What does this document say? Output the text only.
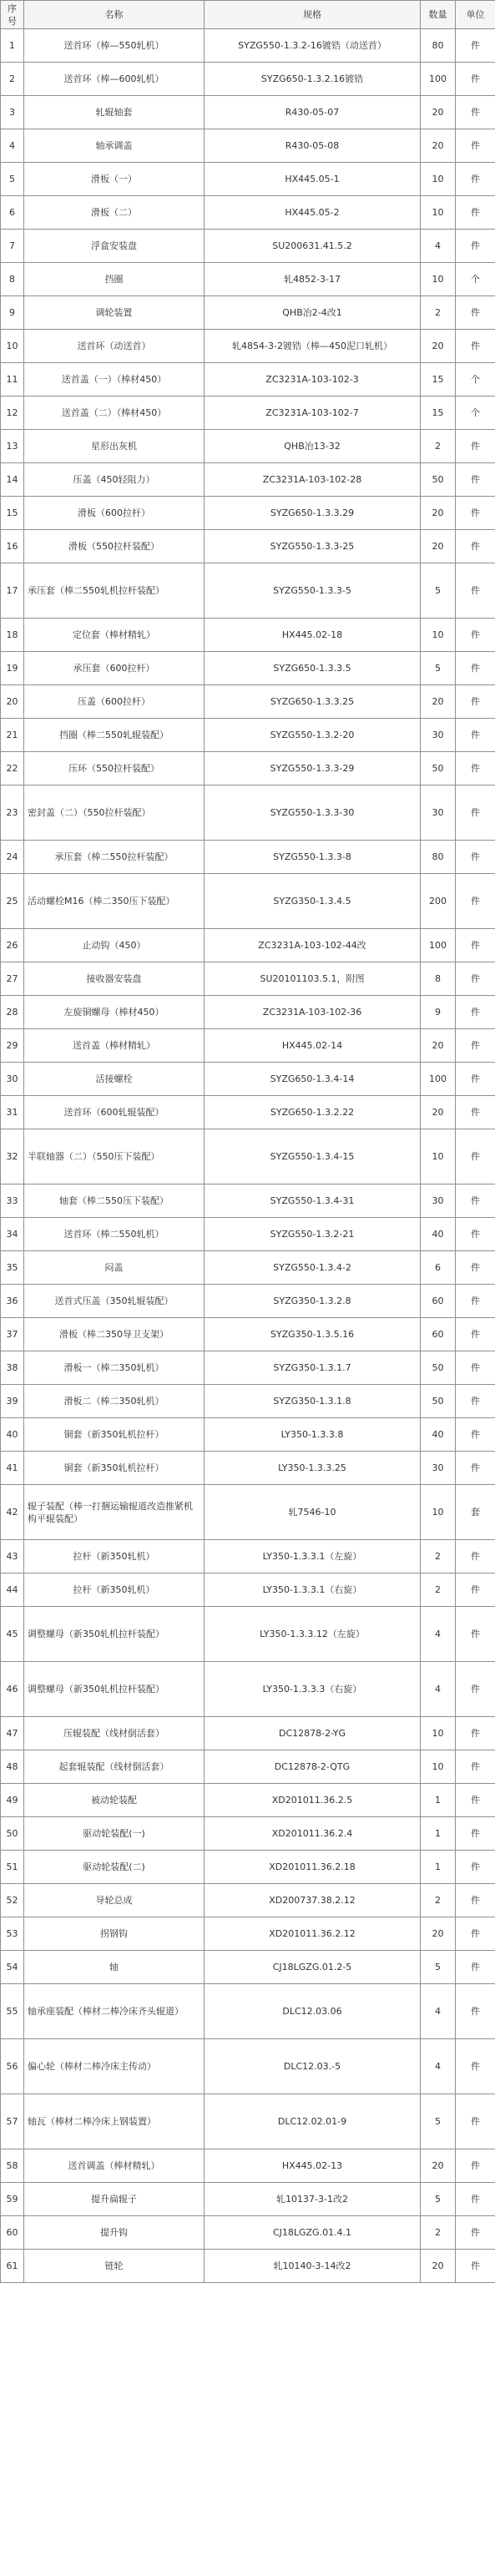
序号	名称	规格	数量	单位
1	送首环（棒—550轧机）	SYZG550-1.3.2-16镀锆（动送首）	80	件
2	送首环（棒—600轧机）	SYZG650-1.3.2.16镀锆	100	件
3	轧辊轴套	R430-05-07	20	件
4	轴承调盖	R430-05-08	20	件
5	滑板（一）	HX445.05-1	10	件
6	滑板（二）	HX445.05-2	10	件
7	浮盒安装盘	SU200631.41.5.2	4	件
8	挡圈	轧4852-3-17	10	个
9	调轮装置	QHB冶2-4改1	2	件
10	送首环（动送首）	轧4854-3-2镀锆（棒—450泥口轧机）	20	件
11	送首盖（一）（棒材450）	ZC3231A-103-102-3	15	个
12	送首盖（二）（棒材450）	ZC3231A-103-102-7	15	个
13	星形出灰机	QHB冶13-32	2	件
14	压盖（450轻阻力）	ZC3231A-103-102-28	50	件
15	滑板（600拉杆）	SYZG650-1.3.3.29	20	件
16	滑板（550拉杆装配）	SYZG550-1.3.3-25	20	件
17	承压套（棒二550轧机拉杆装配）	SYZG550-1.3.3-5	5	件
18	定位套（棒材精轧）	HX445.02-18	10	件
19	承压套（600拉杆）	SYZG650-1.3.3.5	5	件
20	压盖（600拉杆）	SYZG650-1.3.3.25	20	件
21	挡圈（棒二550轧辊装配）	SYZG550-1.3.2-20	30	件
22	压环（550拉杆装配）	SYZG550-1.3.3-29	50	件
23	密封盖（二）（550拉杆装配）	SYZG550-1.3.3-30	30	件
24	承压套（棒二550拉杆装配）	SYZG550-1.3.3-8	80	件
25	活动螺栓M16（棒二350压下装配）	SYZG350-1.3.4.5	200	件
26	止动钩（450）	ZC3231A-103-102-44改	100	件
27	接收器安装盘	SU20101103.5.1，附图	8	件
28	左旋铜螺母（棒材450）	ZC3231A-103-102-36	9	件
29	送首盖（棒材精轧）	HX445.02-14	20	件
30	活接螺栓	SYZG650-1.3.4-14	100	件
31	送首环（600轧辊装配）	SYZG650-1.3.2.22	20	件
32	半联轴器（二）（550压下装配）	SYZG550-1.3.4-15	10	件
33	轴套（棒二550压下装配）	SYZG550-1.3.4-31	30	件
34	送首环（棒二550轧机）	SYZG550-1.3.2-21	40	件
35	闷盖	SYZG550-1.3.4-2	6	件
36	送首式压盖（350轧辊装配）	SYZG350-1.3.2.8	60	件
37	滑板（棒二350导卫支架）	SYZG350-1.3.5.16	60	件
38	滑板一（棒二350轧机）	SYZG350-1.3.1.7	50	件
39	滑板二（棒二350轧机）	SYZG350-1.3.1.8	50	件
40	铜套（新350轧机拉杆）	LY350-1.3.3.8	40	件
41	铜套（新350轧机拉杆）	LY350-1.3.3.25	30	件
42	辊子装配（棒一打捆运输辊道改造推紧机构平辊装配）	轧7546-10	10	套
43	拉杆（新350轧机）	LY350-1.3.3.1（左旋）	2	件
44	拉杆（新350轧机）	LY350-1.3.3.1（右旋）	2	件
45	调整螺母（新350轧机拉杆装配）	LY350-1.3.3.12（左旋）	4	件
46	调整螺母（新350轧机拉杆装配）	LY350-1.3.3.3（右旋）	4	件
47	压辊装配（线材倒活套）	DC12878-2-YG	10	件
48	起套辊装配（线材倒活套）	DC12878-2-QTG	10	件
49	被动轮装配	XD201011.36.2.5	1	件
50	驱动轮装配(一)	XD201011.36.2.4	1	件
51	驱动轮装配(二)	XD201011.36.2.18	1	件
52	导轮总成	XD200737.38.2.12	2	件
53	拐钢钩	XD201011.36.2.12	20	件
54	轴	CJ18LGZG.01.2-5	5	件
55	轴承座装配（棒材二棒冷床齐头辊道）	DLC12.03.06	4	件
56	偏心轮（棒材二棒冷床主传动）	DLC12.03.-5	4	件
57	轴瓦（棒材二棒冷床上钢装置）	DLC12.02.01-9	5	件
58	送首调盖（棒材精轧）	HX445.02-13	20	件
59	提升扁辊子	轧10137-3-1改2	5	件
60	提升钩	CJ18LGZG.01.4.1	2	件
61	链轮	轧10140-3-14改2	20	件
